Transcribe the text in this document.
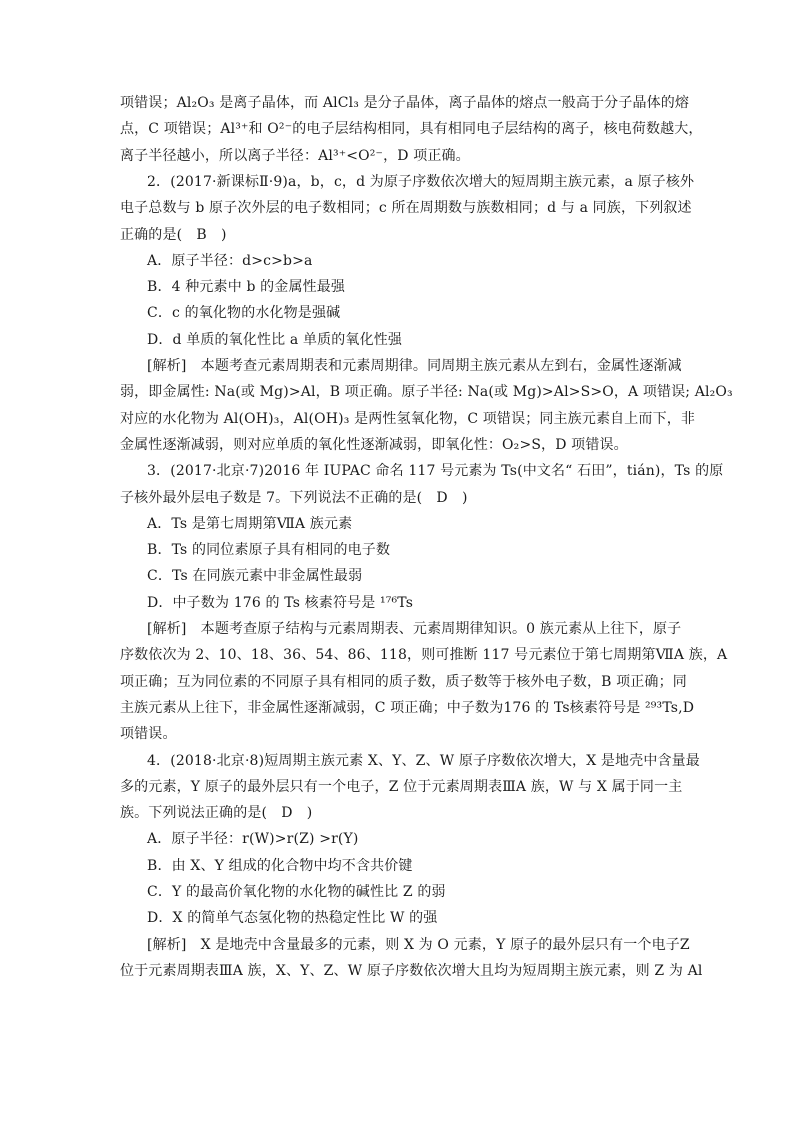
项错误；Al₂O₃ 是离子晶体，而 AlCl₃ 是分子晶体，离子晶体的熔点一般高于分子晶体的熔
点，C 项错误；Al³⁺和 O²⁻的电子层结构相同，具有相同电子层结构的离子，核电荷数越大，
离子半径越小，所以离子半径：Al³⁺<O²⁻，D 项正确。
2．(2017·新课标Ⅱ·9)a，b，c，d 为原子序数依次增大的短周期主族元素，a 原子核外
电子总数与 b 原子次外层的电子数相同；c 所在周期数与族数相同；d 与 a 同族，下列叙述
正确的是(　B　)
A．原子半径：d>c>b>a
B．4 种元素中 b 的金属性最强
C．c 的氧化物的水化物是强碱
D．d 单质的氧化性比 a 单质的氧化性强
[解析]　本题考查元素周期表和元素周期律。同周期主族元素从左到右，金属性逐渐减
弱，即金属性: Na(或 Mg)>Al，B 项正确。原子半径: Na(或 Mg)>Al>S>O，A 项错误; Al₂O₃
对应的水化物为 Al(OH)₃，Al(OH)₃ 是两性氢氧化物，C 项错误；同主族元素自上而下，非
金属性逐渐减弱，则对应单质的氧化性逐渐减弱，即氧化性：O₂>S，D 项错误。
3．(2017·北京·7)2016 年 IUPAC 命名 117 号元素为 Ts(中文名“ 石田”，tián)，Ts 的原
子核外最外层电子数是 7。下列说法不正确的是(　D　)
A．Ts 是第七周期第ⅦA 族元素
B．Ts 的同位素原子具有相同的电子数
C．Ts 在同族元素中非金属性最弱
D．中子数为 176 的 Ts 核素符号是 ¹⁷⁶Ts
[解析]　本题考查原子结构与元素周期表、元素周期律知识。0 族元素从上往下，原子
序数依次为 2、10、18、36、54、86、118，则可推断 117 号元素位于第七周期第ⅦA 族，A
项正确；互为同位素的不同原子具有相同的质子数，质子数等于核外电子数，B 项正确；同
主族元素从上往下，非金属性逐渐减弱，C 项正确；中子数为176 的 Ts核素符号是 ²⁹³Ts,D
项错误。
4．(2018·北京·8)短周期主族元素 X、Y、Z、W 原子序数依次增大，X 是地壳中含量最
多的元素，Y 原子的最外层只有一个电子，Z 位于元素周期表ⅢA 族，W 与 X 属于同一主
族。下列说法正确的是(　D　)
A．原子半径：r(W)>r(Z) >r(Y)
B．由 X、Y 组成的化合物中均不含共价键
C．Y 的最高价氧化物的水化物的碱性比 Z 的弱
D．X 的简单气态氢化物的热稳定性比 W 的强
[解析]　X 是地壳中含量最多的元素，则 X 为 O 元素，Y 原子的最外层只有一个电子Z
位于元素周期表ⅢA 族，X、Y、Z、W 原子序数依次增大且均为短周期主族元素，则 Z 为 Al
